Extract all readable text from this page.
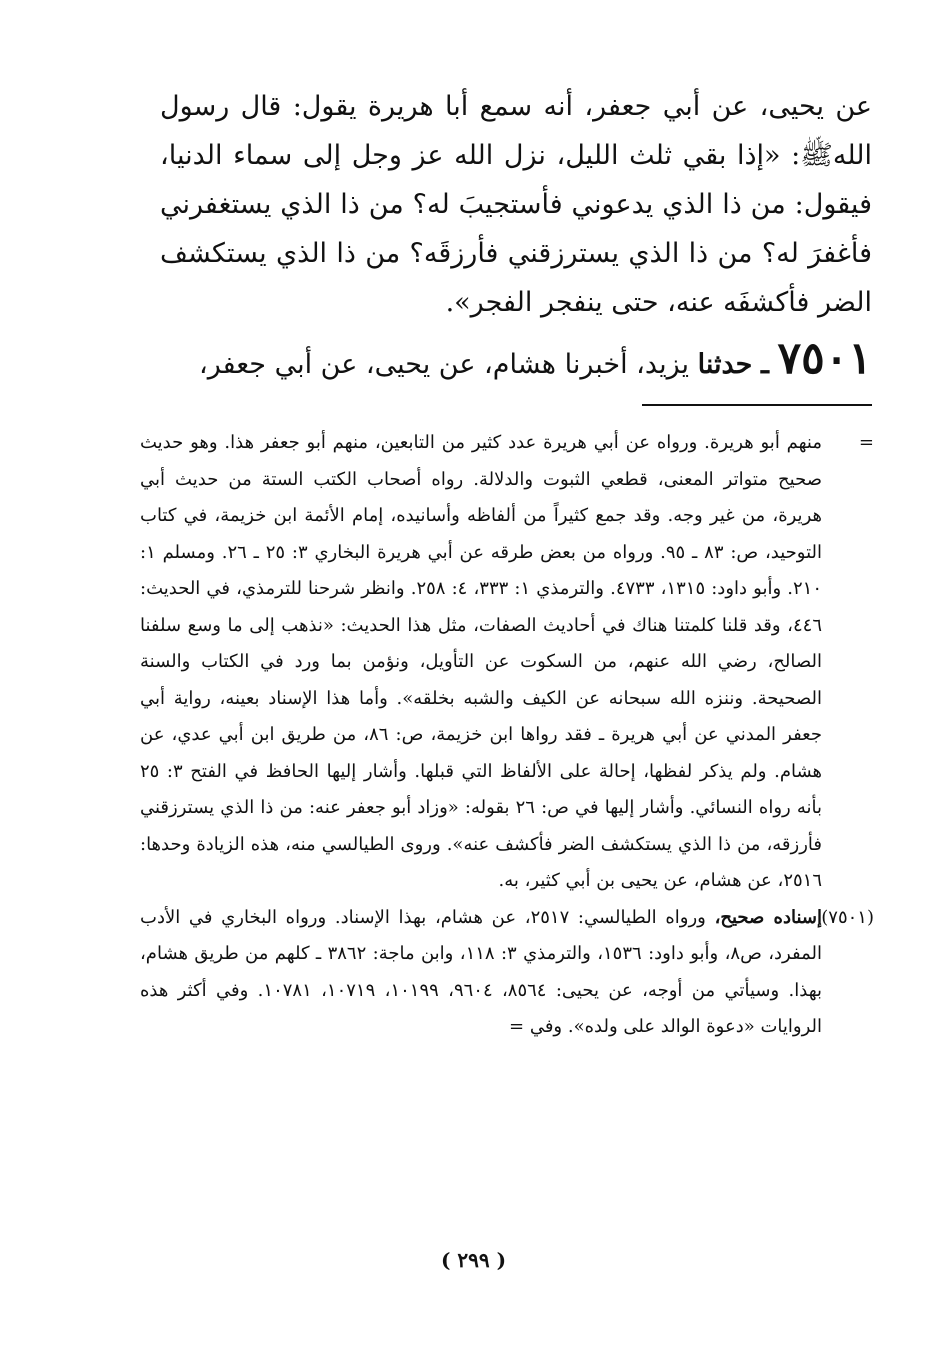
عن يحيى، عن أبي جعفر، أنه سمع أبا هريرة يقول: قال رسول اللهﷺ: «إذا بقي ثلث الليل، نزل الله عز وجل إلى سماء الدنيا، فيقول: من ذا الذي يدعوني فأستجيبَ له؟ من ذا الذي يستغفرني فأغفرَ له؟ من ذا الذي يسترزقني فأرزقَه؟ من ذا الذي يستكشف الضر فأكشفَه عنه، حتى ينفجر الفجر».

٧٥٠١ ـ حدثنا يزيد، أخبرنا هشام، عن يحيى، عن أبي جعفر،

=
منهم أبو هريرة. ورواه عن أبي هريرة عدد كثير من التابعين، منهم أبو جعفر هذا. وهو حديث صحيح متواتر المعنى، قطعي الثبوت والدلالة. رواه أصحاب الكتب الستة من حديث أبي هريرة، من غير وجه. وقد جمع كثيراً من ألفاظه وأسانيده، إمام الأئمة ابن خزيمة، في كتاب التوحيد، ص: ٨٣ ـ ٩٥. ورواه من بعض طرقه عن أبي هريرة البخاري ٣: ٢٥ ـ ٢٦. ومسلم ١: ٢١٠. وأبو داود: ١٣١٥، ٤٧٣٣. والترمذي ١: ٣٣٣، ٤: ٢٥٨. وانظر شرحنا للترمذي، في الحديث: ٤٤٦، وقد قلنا كلمتنا هناك في أحاديث الصفات، مثل هذا الحديث: «نذهب إلى ما وسع سلفنا الصالح، رضي الله عنهم، من السكوت عن التأويل، ونؤمن بما ورد في الكتاب والسنة الصحيحة. وننزه الله سبحانه عن الكيف والشبه بخلقه». وأما هذا الإسناد بعينه، رواية أبي جعفر المدني عن أبي هريرة ـ فقد رواها ابن خزيمة، ص: ٨٦، من طريق ابن أبي عدي، عن هشام. ولم يذكر لفظها، إحالة على الألفاظ التي قبلها. وأشار إليها الحافظ في الفتح ٣: ٢٥ بأنه رواه النسائي. وأشار إليها في ص: ٢٦ بقوله: «وزاد أبو جعفر عنه: من ذا الذي يسترزقني فأرزقه، من ذا الذي يستكشف الضر فأكشف عنه». وروى الطيالسي منه، هذه الزيادة وحدها: ٢٥١٦، عن هشام، عن يحيى بن أبي كثير، به.
(٧٥٠١)
إسناده صحيح، ورواه الطيالسي: ٢٥١٧، عن هشام، بهذا الإسناد. ورواه البخاري في الأدب المفرد، ص٨، وأبو داود: ١٥٣٦، والترمذي ٣: ١١٨، وابن ماجة: ٣٨٦٢ ـ كلهم من طريق هشام، بهذا. وسيأتي من أوجه، عن يحيى: ٨٥٦٤، ٩٦٠٤، ١٠١٩٩، ١٠٧١٩، ١٠٧٨١. وفي أكثر هذه الروايات «دعوة الوالد على ولده». وفي =
( ٢٩٩ )
